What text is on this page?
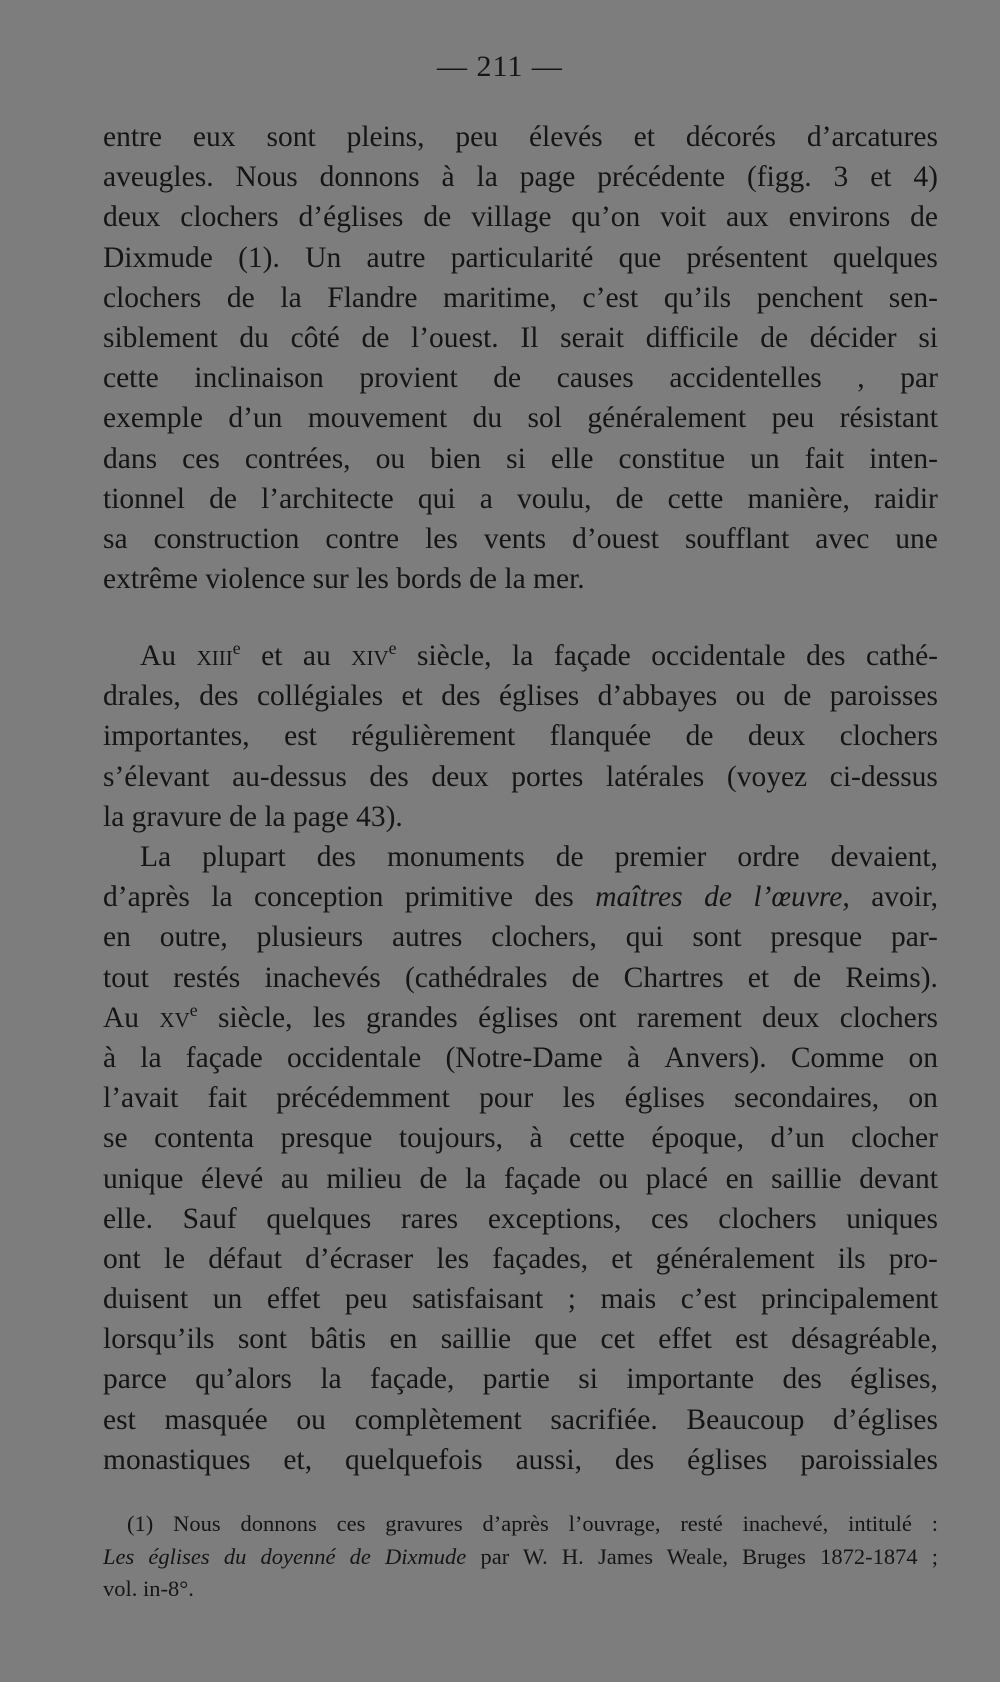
— 211 —
entre eux sont pleins, peu élevés et décorés d’arcatures
aveugles. Nous donnons à la page précédente (figg. 3 et 4)
deux clochers d’églises de village qu’on voit aux environs de
Dixmude (1). Un autre particularité que présentent quelques
clochers de la Flandre maritime, c’est qu’ils penchent sen-
siblement du côté de l’ouest. Il serait difficile de décider si
cette inclinaison provient de causes accidentelles , par
exemple d’un mouvement du sol généralement peu résistant
dans ces contrées, ou bien si elle constitue un fait inten-
tionnel de l’architecte qui a voulu, de cette manière, raidir
sa construction contre les vents d’ouest soufflant avec une
extrême violence sur les bords de la mer.
Au xiii$^e$ et au xiv$^e$ siècle, la façade occidentale des cathé-
drales, des collégiales et des églises d’abbayes ou de paroisses
importantes, est régulièrement flanquée de deux clochers
s’élevant au-dessus des deux portes latérales (voyez ci-dessus
la gravure de la page 43).
La plupart des monuments de premier ordre devaient,
d’après la conception primitive des maîtres de l’œuvre, avoir,
en outre, plusieurs autres clochers, qui sont presque par-
tout restés inachevés (cathédrales de Chartres et de Reims).
Au $xv^e$ siècle, les grandes églises ont rarement deux clochers
à la façade occidentale (Notre-Dame à Anvers). Comme on
l’avait fait précédemment pour les églises secondaires, on
se contenta presque toujours, à cette époque, d’un clocher
unique élevé au milieu de la façade ou placé en saillie devant
elle. Sauf quelques rares exceptions, ces clochers uniques
ont le défaut d’écraser les façades, et généralement ils pro-
duisent un effet peu satisfaisant ; mais c’est principalement
lorsqu’ils sont bâtis en saillie que cet effet est désagréable,
parce qu’alors la façade, partie si importante des églises,
est masquée ou complètement sacrifiée. Beaucoup d’églises
monastiques et, quelquefois aussi, des églises paroissiales
(1) Nous donnons ces gravures d’après l’ouvrage, resté inachevé, intitulé :
Les églises du doyenné de Dixmude par W. H. James Weale, Bruges 1872-1874 ;
vol. in-8°.
